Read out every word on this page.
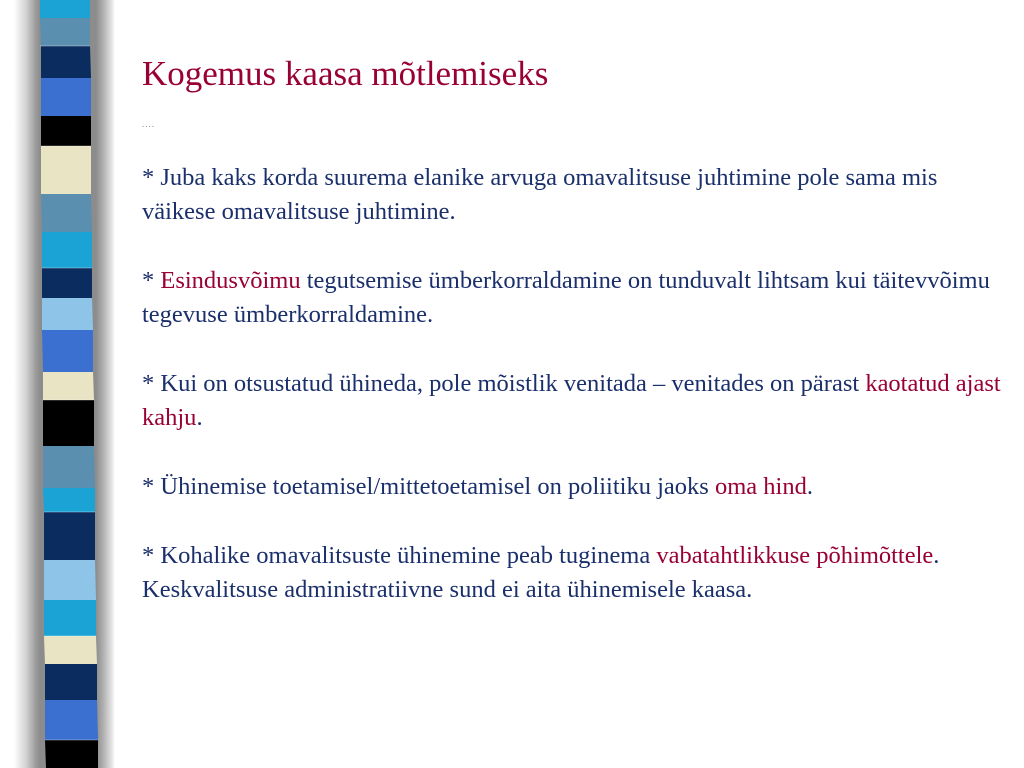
Kogemus kaasa mõtlemiseks
....

* Juba kaks korda suurema elanike arvuga omavalitsuse juhtimine pole sama mis väikese omavalitsuse juhtimine.

* Esindusvõimu tegutsemise ümberkorraldamine on tunduvalt lihtsam kui täitevvõimu tegevuse ümberkorraldamine.

* Kui on otsustatud ühineda, pole mõistlik venitada – venitades on pärast kaotatud ajast kahju.

* Ühinemise toetamisel/mittetoetamisel on poliitiku jaoks oma hind.

* Kohalike omavalitsuste ühinemine peab tuginema vabatahtlikkuse põhimõttele. Keskvalitsuse administratiivne sund ei aita ühinemisele kaasa.
